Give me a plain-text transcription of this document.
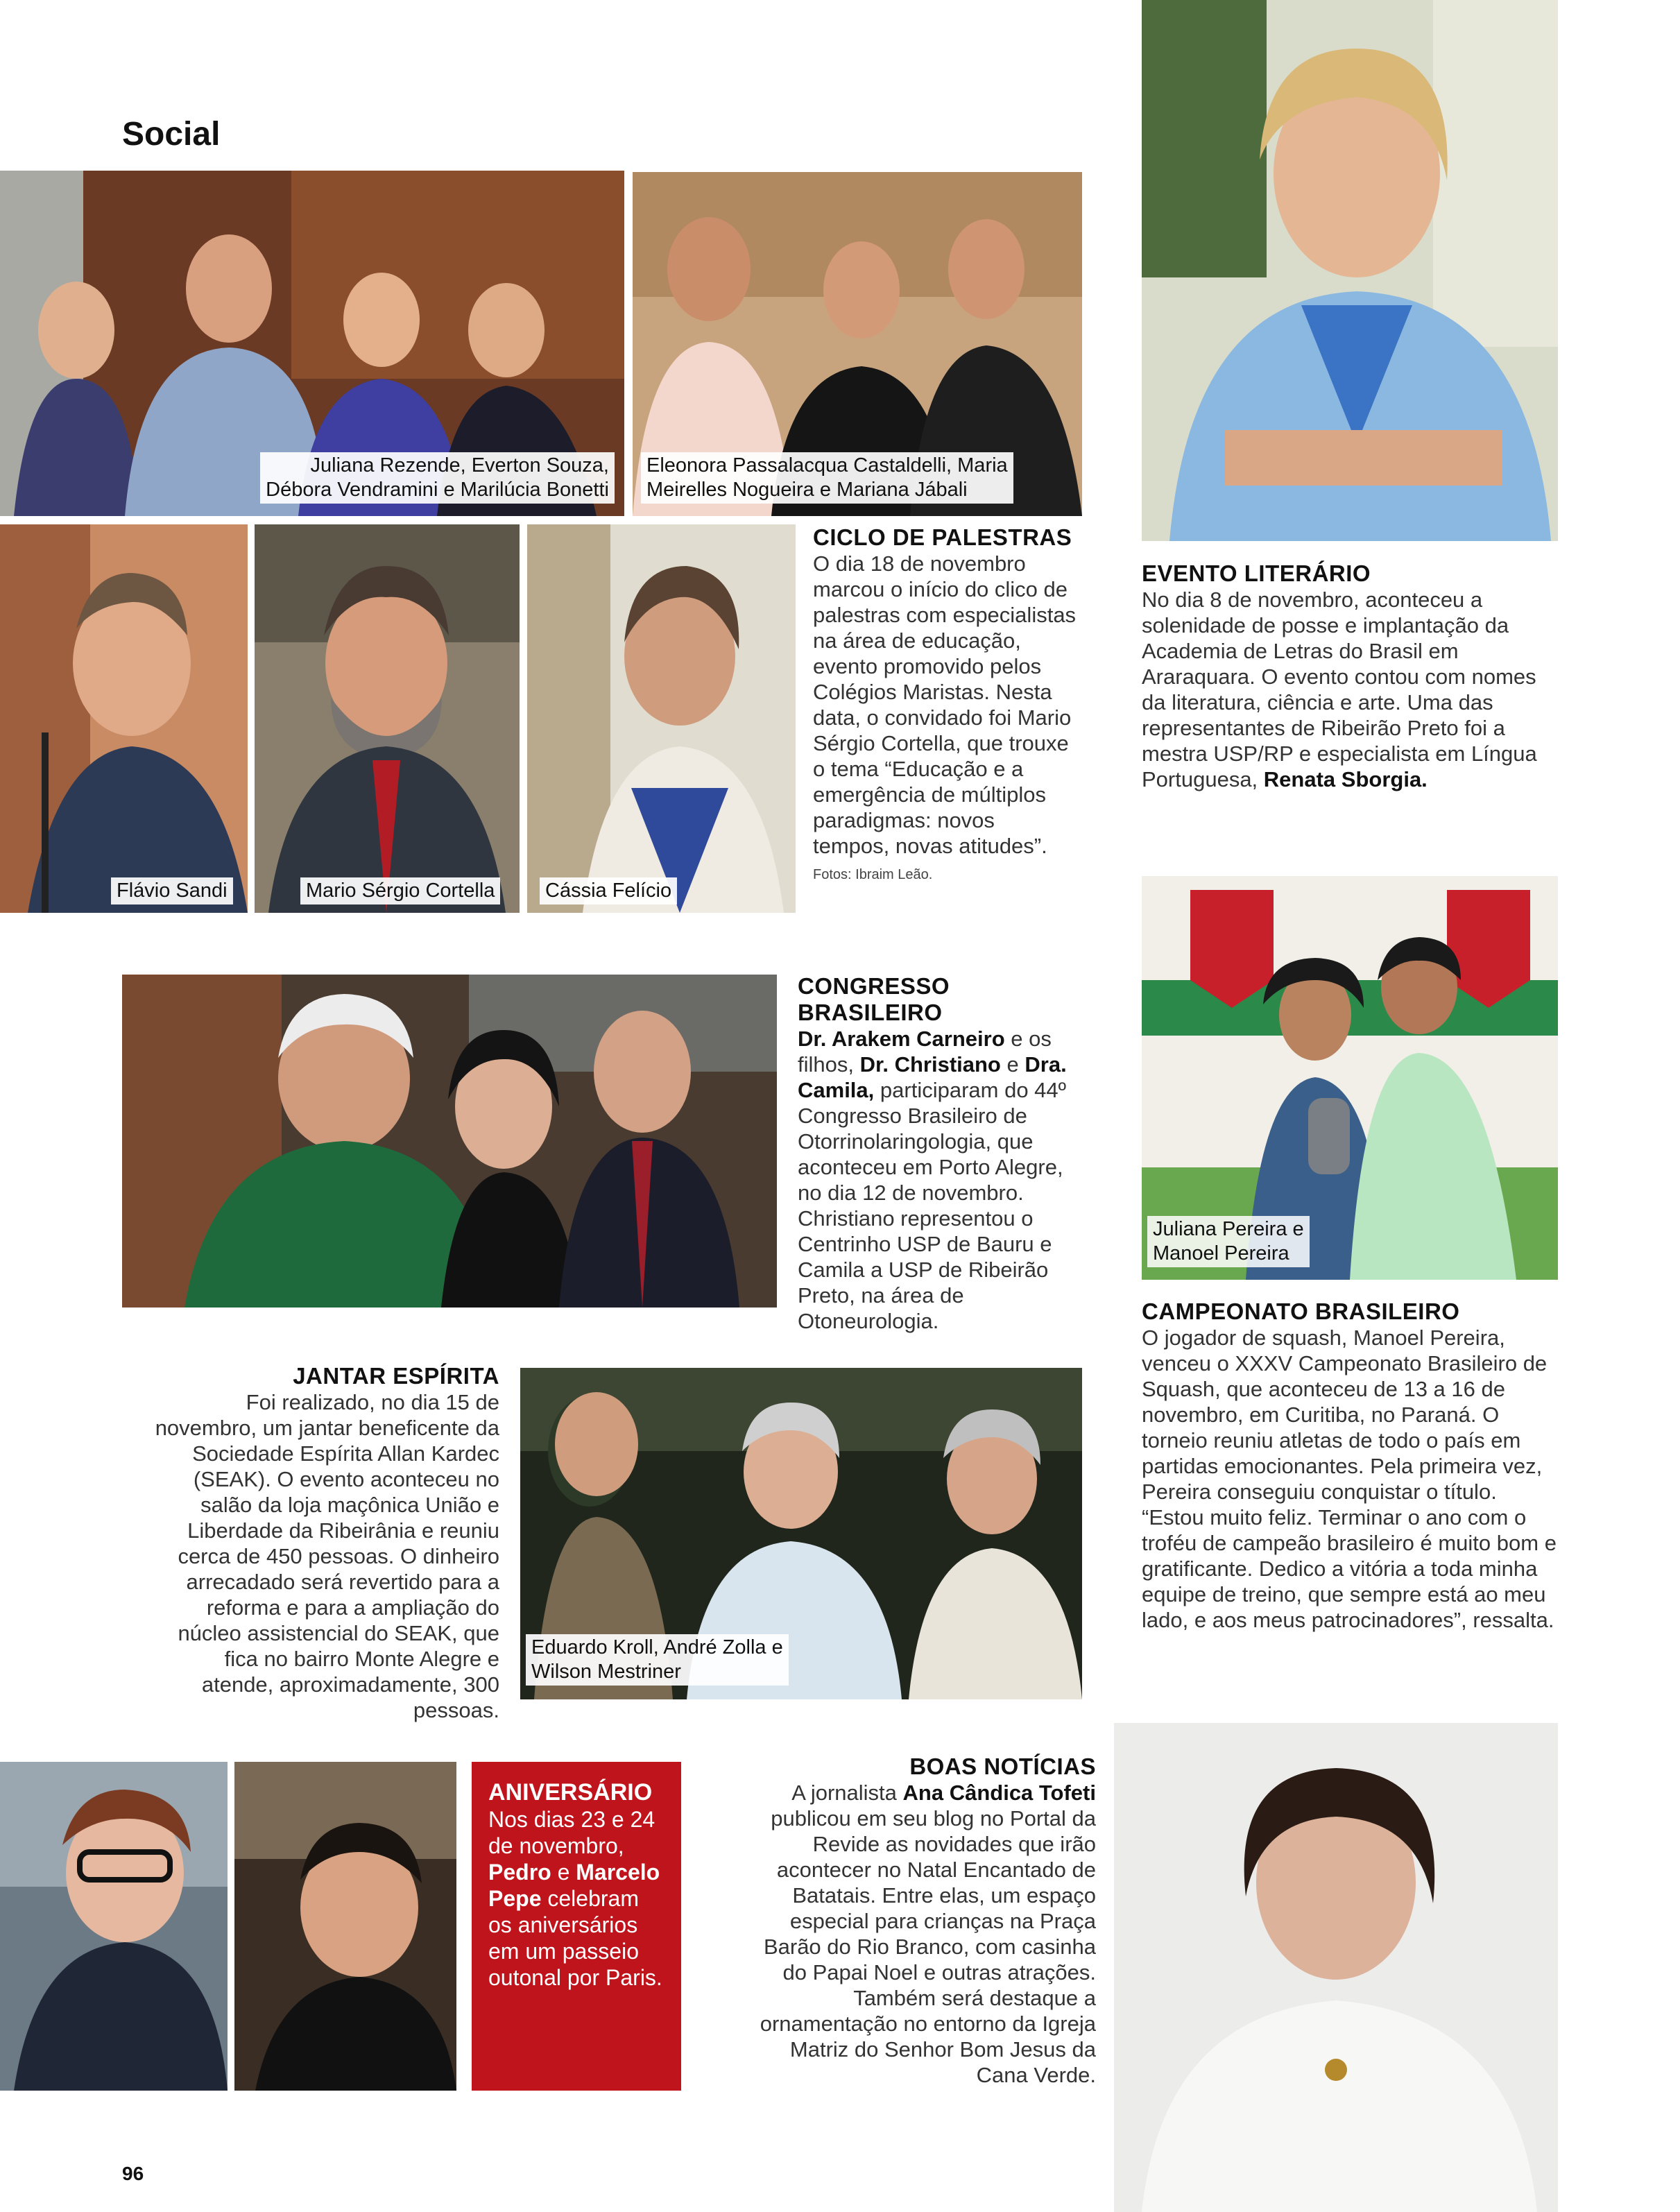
Social
Juliana Rezende, Everton Souza,
Débora Vendramini e Marilúcia Bonetti
Eleonora Passalacqua Castaldelli, Maria
Meirelles Nogueira e Mariana Jábali
Flávio Sandi	Mario Sérgio Cortella	Cássia Felício
CICLO DE PALESTRAS
O dia 18 de novembro marcou o início do clico de palestras com especialistas na área de educação, evento promovido pelos Colégios Maristas. Nesta data, o convidado foi Mario Sérgio Cortella, que trouxe o tema “Educação e a emergência de múltiplos paradigmas: novos tempos, novas atitudes”. Fotos: Ibraim Leão.
EVENTO LITERÁRIO
No dia 8 de novembro, aconteceu a solenidade de posse e implantação da Academia de Letras do Brasil em Araraquara. O evento contou com nomes da literatura, ciência e arte. Uma das representantes de Ribeirão Preto foi a mestra USP/RP e especialista em Língua Portuguesa, Renata Sborgia.
Juliana Pereira e
Manoel Pereira
CONGRESSO BRASILEIRO
Dr. Arakem Carneiro e os filhos, Dr. Christiano e Dra. Camila, participaram do 44º Congresso Brasileiro de Otorrinolaringologia, que aconteceu em Porto Alegre, no dia 12 de novembro. Christiano representou o Centrinho USP de Bauru e Camila a USP de Ribeirão Preto, na área de Otoneurologia.	CAMPEONATO BRASILEIRO
O jogador de squash, Manoel Pereira, venceu o XXXV Campeonato Brasileiro de Squash, que aconteceu de 13 a 16 de novembro, em Curitiba, no Paraná. O torneio reuniu atletas de todo o país em partidas emocionantes. Pela primeira vez, Pereira conseguiu conquistar o título. “Estou muito feliz. Terminar o ano com o troféu de campeão brasileiro é muito bom e gratificante. Dedico a vitória a toda minha equipe de treino, que sempre está ao meu lado, e aos meus patrocinadores”, ressalta.
JANTAR ESPÍRITA
Foi realizado, no dia 15 de novembro, um jantar beneficente da Sociedade Espírita Allan Kardec (SEAK). O evento aconteceu no salão da loja maçônica União e Liberdade da Ribeirânia e reuniu cerca de 450 pessoas. O dinheiro arrecadado será revertido para a reforma e para a ampliação do núcleo assistencial do SEAK, que fica no bairro Monte Alegre e atende, aproximadamente, 300 pessoas.
Eduardo Kroll, André Zolla e
Wilson Mestriner
ANIVERSÁRIO
Nos dias 23 e 24 de novembro, Pedro e Marcelo Pepe celebram os aniversários em um passeio outonal por Paris.
BOAS NOTÍCIAS
A jornalista Ana Cândica Tofeti publicou em seu blog no Portal da Revide as novidades que irão acontecer no Natal Encantado de Batatais. Entre elas, um espaço especial para crianças na Praça Barão do Rio Branco, com casinha do Papai Noel e outras atrações. Também será destaque a ornamentação no entorno da Igreja Matriz do Senhor Bom Jesus da Cana Verde.
96
